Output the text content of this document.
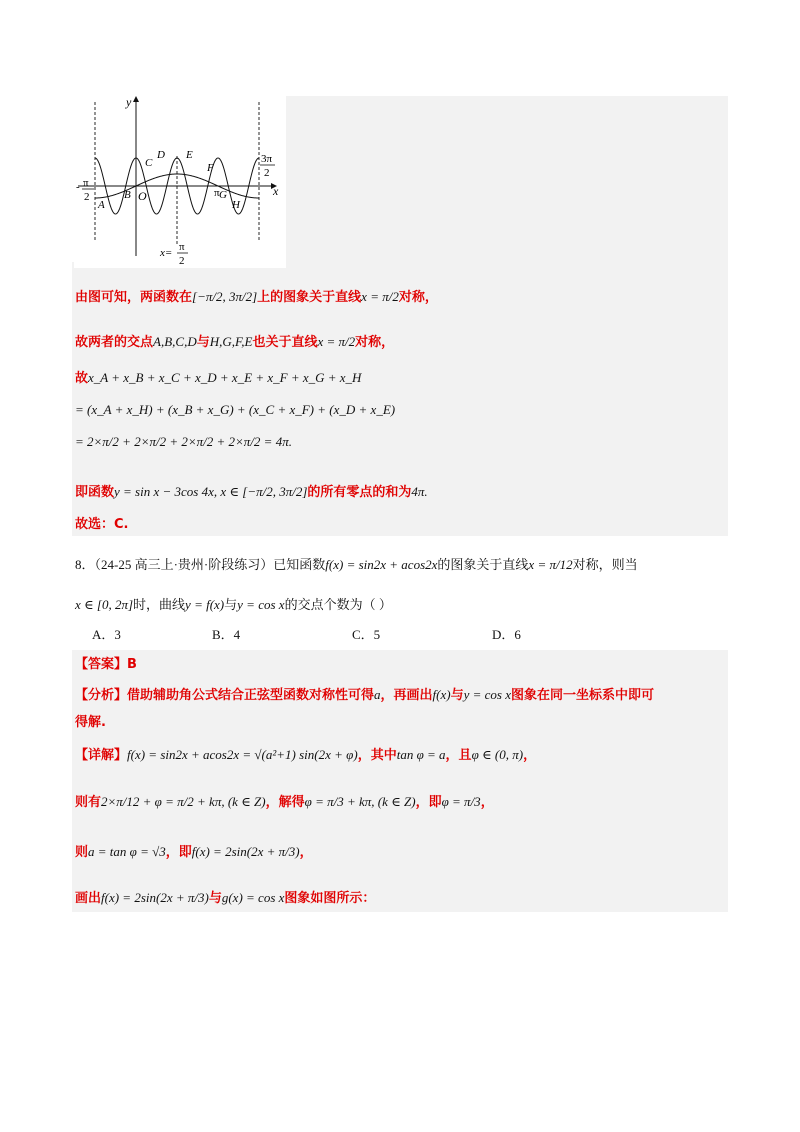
y
x
O
- π
2
3π
2
π
A
B
C
D E
F
G
H
x= π
2
由图可知，两函数在[−π/2, 3π/2]上的图象关于直线x = π/2对称，
故两者的交点A,B,C,D与H,G,F,E也关于直线x = π/2对称，
故x_A + x_B + x_C + x_D + x_E + x_F + x_G + x_H
= (x_A + x_H) + (x_B + x_G) + (x_C + x_F) + (x_D + x_E)
= 2×π/2 + 2×π/2 + 2×π/2 + 2×π/2 = 4π.
即函数y = sin x − 3cos 4x, x ∈ [−π/2, 3π/2]的所有零点的和为4π.
故选：C.
8．（24-25 高三上·贵州·阶段练习）已知函数f(x) = sin2x + acos2x的图象关于直线x = π/12对称，则当
x ∈ [0, 2π]时，曲线y = f(x)与y = cos x的交点个数为（ ）
A．3	B．4	C．5	D．6
【答案】B
【分析】借助辅助角公式结合正弦型函数对称性可得a，再画出f(x)与y = cos x图象在同一坐标系中即可
得解.
【详解】f(x) = sin2x + acos2x = √(a²+1) sin(2x + φ)，其中tan φ = a，且φ ∈ (0, π)，
则有2×π/12 + φ = π/2 + kπ, (k ∈ Z)，解得φ = π/3 + kπ, (k ∈ Z)，即φ = π/3，
则a = tan φ = √3，即f(x) = 2sin(2x + π/3)，
画出f(x) = 2sin(2x + π/3)与g(x) = cos x图象如图所示：
